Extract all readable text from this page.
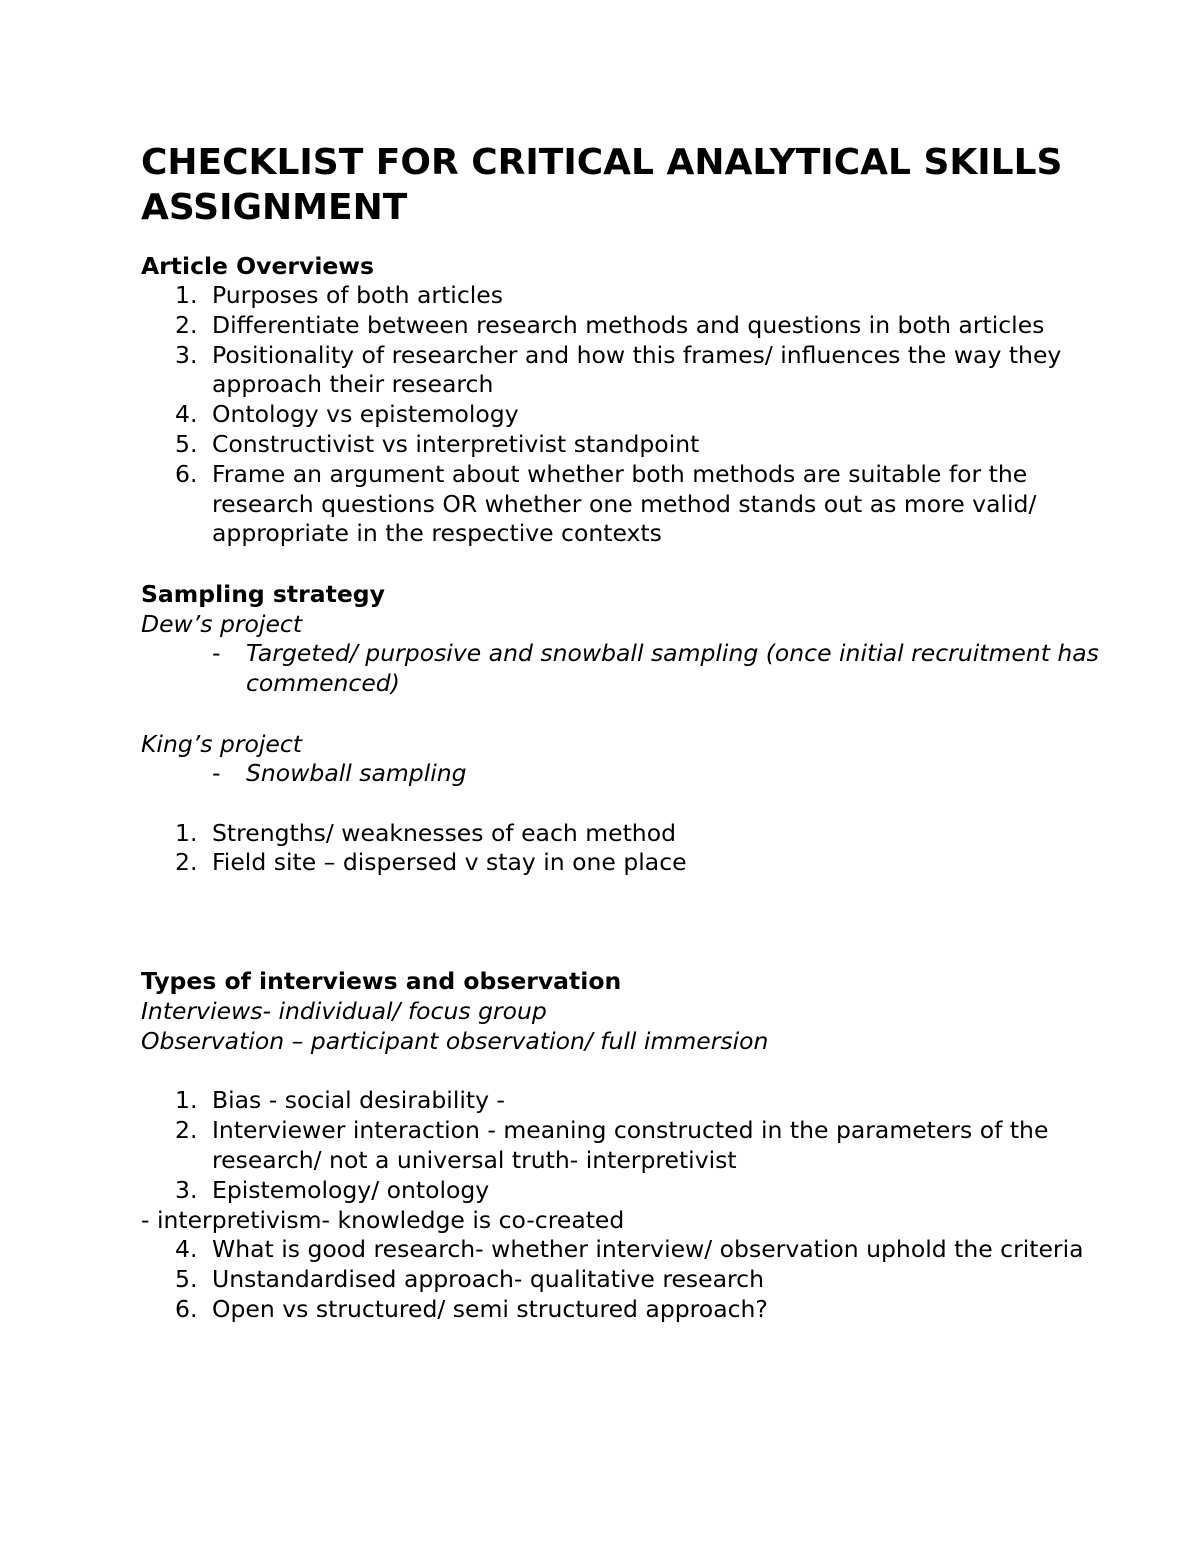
CHECKLIST FOR CRITICAL ANALYTICAL SKILLS ASSIGNMENT
Article Overviews
1. Purposes of both articles
2. Differentiate between research methods and questions in both articles
3. Positionality of researcher and how this frames/ influences the way they approach their research
4. Ontology vs epistemology
5. Constructivist vs interpretivist standpoint
6. Frame an argument about whether both methods are suitable for the research questions OR whether one method stands out as more valid/ appropriate in the respective contexts
Sampling strategy

Dew’s project

- Targeted/ purposive and snowball sampling (once initial recruitment has commenced)

King’s project

- Snowball sampling
1. Strengths/ weaknesses of each method
2. Field site – dispersed v stay in one place
Types of interviews and observation

Interviews- individual/ focus group

Observation – participant observation/ full immersion

1. Bias - social desirability -
2. Interviewer interaction - meaning constructed in the parameters of the research/ not a universal truth- interpretivist
3. Epistemology/ ontology

- interpretivism- knowledge is co-created

4. What is good research- whether interview/ observation uphold the criteria
5. Unstandardised approach- qualitative research
6. Open vs structured/ semi structured approach?
